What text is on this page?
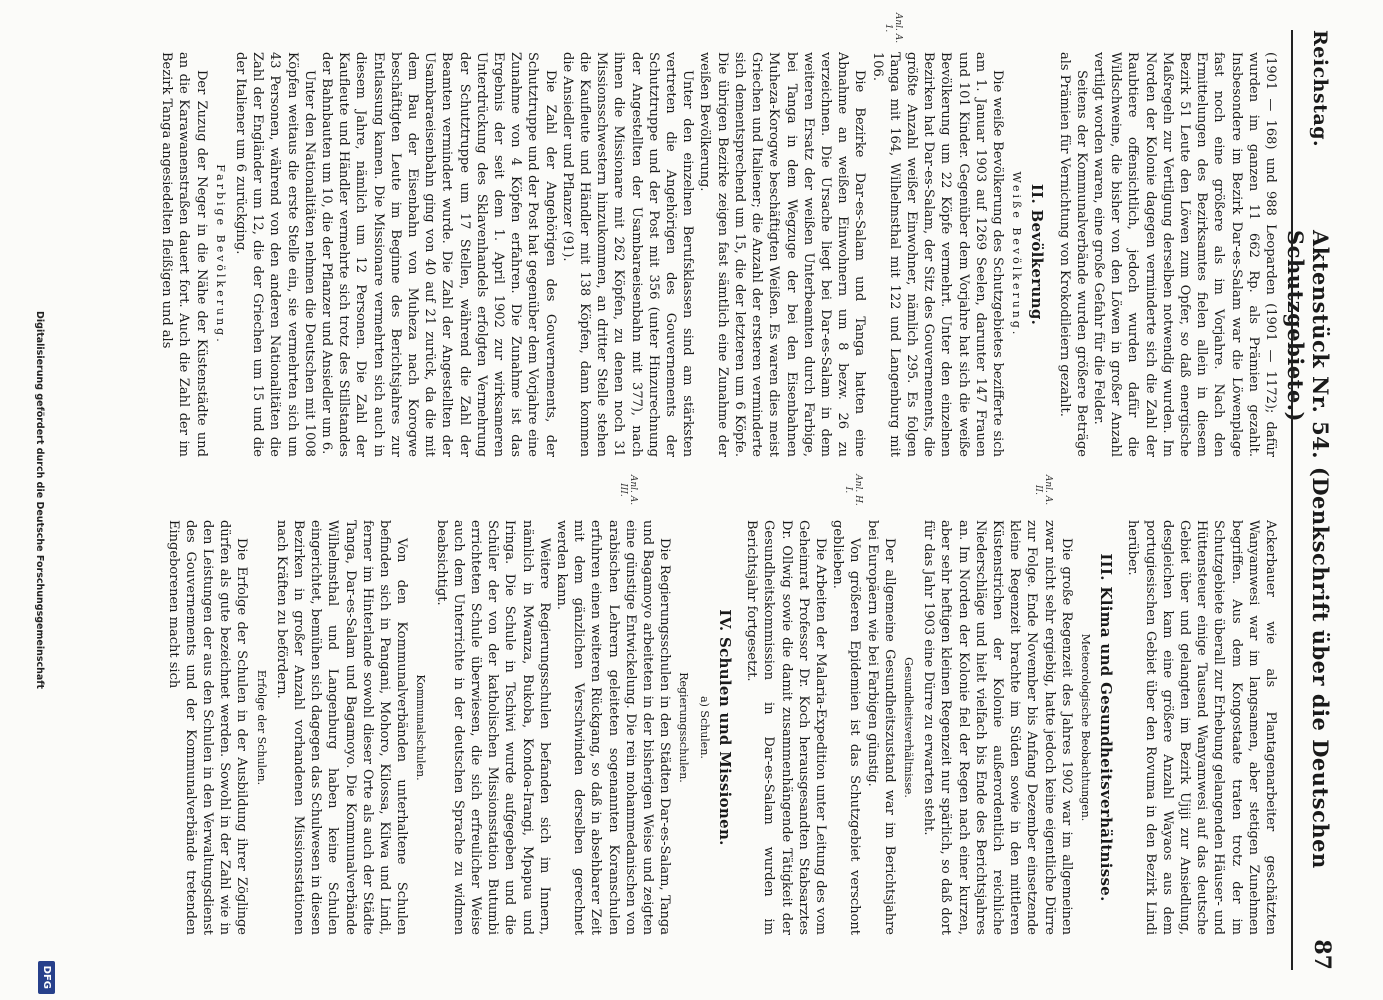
Reichstag.
Aktenstück Nr. 54. (Denkschrift über die Deutschen Schutzgebiete.)
87

(1901 — 168) und 988 Leoparden (1901 — 1172); dafür wurden im ganzen 11 662 Rp. als Prämien gezahlt. Insbesondere im Bezirk Dar-es-Salam war die Löwenplage fast noch eine größere als im Vorjahre. Nach den Ermittelungen des Bezirksamtes fielen allein in diesem Bezirk 51 Leute den Löwen zum Opfer, so daß energische Maßregeln zur Vertilgung derselben notwendig wurden. Im Norden der Kolonie dagegen verminderte sich die Zahl der Raubtiere offensichtlich, jedoch wurden dafür die Wildschweine, die bisher von den Löwen in großer Anzahl vertilgt worden waren, eine große Gefahr für die Felder.

Seitens der Kommunalverbände wurden größere Beträge als Prämien für Vernichtung von Krokodileiern gezahlt.

II. Bevölkerung.
Weiße Bevölkerung.

Die weiße Bevölkerung des Schutzgebietes bezifferte sich am 1. Januar 1903 auf 1269 Seelen, darunter 147 Frauen und 101 Kinder. Gegenüber dem Vorjahre hat sich die weiße Bevölkerung um 22 Köpfe vermehrt. Unter den einzelnen Bezirken hat Dar-es-Salam, der Sitz des Gouvernements, die größte Anzahl weißer Einwohner, nämlich 295. Es folgen Tanga mit 164, Wilhelmsthal mit 122 und Langenburg mit 106.

Die Bezirke Dar-es-Salam und Tanga hatten eine Abnahme an weißen Einwohnern um 8 bezw. 26 zu verzeichnen. Die Ursache liegt bei Dar-es-Salam in dem weiteren Ersatz der weißen Unterbeamten durch Farbige, bei Tanga in dem Wegzuge der bei den Eisenbahnen Muheza-Korogwe beschäftigten Weißen. Es waren dies meist Griechen und Italiener; die Anzahl der ersteren verminderte sich dementsprechend um 15, die der letzteren um 6 Köpfe. Die übrigen Bezirke zeigen fast sämtlich eine Zunahme der weißen Bevölkerung.

Unter den einzelnen Berufsklassen sind am stärksten vertreten die Angehörigen des Gouvernements der Schutztruppe und der Post mit 356 (unter Hinzurechnung der Angestellten der Usambaraeisenbahn mit 377), nach ihnen die Missionare mit 262 Köpfen, zu denen noch 31 Missionsschwestern hinzukommen, an dritter Stelle stehen die Kaufleute und Händler mit 138 Köpfen, dann kommen die Ansiedler und Pflanzer (91).

Die Zahl der Angehörigen des Gouvernements, der Schutztruppe und der Post hat gegenüber dem Vorjahre eine Zunahme von 4 Köpfen erfahren. Die Zunahme ist das Ergebnis der seit dem 1. April 1902 zur wirksameren Unterdrückung des Sklavenhandels erfolgten Vermehrung der Schutztruppe um 17 Stellen, während die Zahl der Beamten vermindert wurde. Die Zahl der Angestellten der Usambaraeisenbahn ging von 40 auf 21 zurück, da die mit dem Bau der Eisenbahn von Muheza nach Korogwe beschäftigten Leute im Beginne des Berichtsjahres zur Entlassung kamen. Die Missionare vermehrten sich auch in diesem Jahre, nämlich um 12 Personen. Die Zahl der Kaufleute und Händler vermehrte sich trotz des Stillstandes der Bahnbauten um 10, die der Pflanzer und Ansiedler um 6.

Unter den Nationalitäten nehmen die Deutschen mit 1008 Köpfen weitaus die erste Stelle ein, sie vermehrten sich um 43 Personen, während von den anderen Nationalitäten die Zahl der Engländer um 12, die der Griechen um 15 und die der Italiener um 6 zurückging.

Farbige Bevölkerung.

Der Zuzug der Neger in die Nähe der Küstenstädte und an die Karawanenstraßen dauert fort. Auch die Zahl der im Bezirk Tanga angesiedelten fleißigen und als

Anl. A. 1.

Ackerbauer wie als Plantagenarbeiter geschätzten Wanyamwesi war im langsamen, aber stetigen Zunehmen begriffen. Aus dem Kongostaate traten trotz der im Schutzgebiete überall zur Erhebung gelangenden Häuser- und Hüttensteuer einige Tausend Wanyamwesi auf das deutsche Gebiet über und gelangten im Bezirk Ujiji zur Ansiedlung, desgleichen kam eine größere Anzahl Wayaos aus dem portugiesischen Gebiet über den Rovuma in den Bezirk Lindi herüber.

III. Klima und Gesundheitsverhältnisse.
Meteorologische Beobachtungen.

Die große Regenzeit des Jahres 1902 war im allgemeinen zwar nicht sehr ergiebig, hatte jedoch keine eigentliche Dürre zur Folge. Ende November bis Anfang Dezember einsetzende kleine Regenzeit brachte im Süden sowie in den mittleren Küstenstrichen der Kolonie außerordentlich reichliche Niederschläge und hielt vielfach bis Ende des Berichtsjahres an. Im Norden der Kolonie fiel der Regen nach einer kurzen, aber sehr heftigen kleinen Regenzeit nur spärlich, so daß dort für das Jahr 1903 eine Dürre zu erwarten steht.

Gesundheitsverhältnisse.

Der allgemeine Gesundheitszustand war im Berichtsjahre bei Europäern wie bei Farbigen günstig.

Von größeren Epidemien ist das Schutzgebiet verschont geblieben.

Die Arbeiten der Malaria-Expedition unter Leitung des vom Geheimrat Professor Dr. Koch herausgesandten Stabsarztes Dr. Ollwig sowie die damit zusammenhängende Tätigkeit der Gesundheitskommission in Dar-es-Salam wurden im Berichtsjahr fortgesetzt.

IV. Schulen und Missionen.
a) Schulen.
Regierungsschulen.

Die Regierungsschulen in den Städten Dar-es-Salam, Tanga und Bagamoyo arbeiteten in der bisherigen Weise und zeigten eine günstige Entwickelung. Die rein mohammedanischen von arabischen Lehrern geleiteten sogenannten Koranschulen erfuhren einen weiteren Rückgang, so daß in absehbarer Zeit mit dem gänzlichen Verschwinden derselben gerechnet werden kann.

Weitere Regierungsschulen befanden sich im Innern, nämlich in Mwanza, Bukoba, Kondoa-Irangi, Mpapua und Iringa. Die Schule in Tschiwi wurde aufgegeben und die Schüler der von der katholischen Missionsstation Butumbi errichteten Schule überwiesen, die sich erfreulicher Weise auch dem Unterrichte in der deutschen Sprache zu widmen beabsichtigt.

Kommunalschulen.

Von den Kommunalverbänden unterhaltene Schulen befinden sich in Pangani, Mohoro, Kilossa, Kilwa und Lindi, ferner im Hinterlande sowohl dieser Orte als auch der Städte Tanga, Dar-es-Salam und Bagamoyo. Die Kommunalverbände Wilhelmsthal und Langenburg haben keine Schulen eingerichtet, bemühen sich dagegen das Schulwesen in diesen Bezirken in großer Anzahl vorhandenen Missionsstationen nach Kräften zu befördern.

Erfolge der Schulen.

Die Erfolge der Schulen in der Ausbildung ihrer Zöglinge dürfen als gute bezeichnet werden. Sowohl in der Zahl wie in den Leistungen der aus den Schulen in den Verwaltungsdienst des Gouvernements und der Kommunalverbände tretenden Eingeborenen macht sich

Anl. A. II.
Anl. H. I.
Anl. A. III.
Digitalisierung gefördert durch die Deutsche Forschungsgemeinschaft
DFG
